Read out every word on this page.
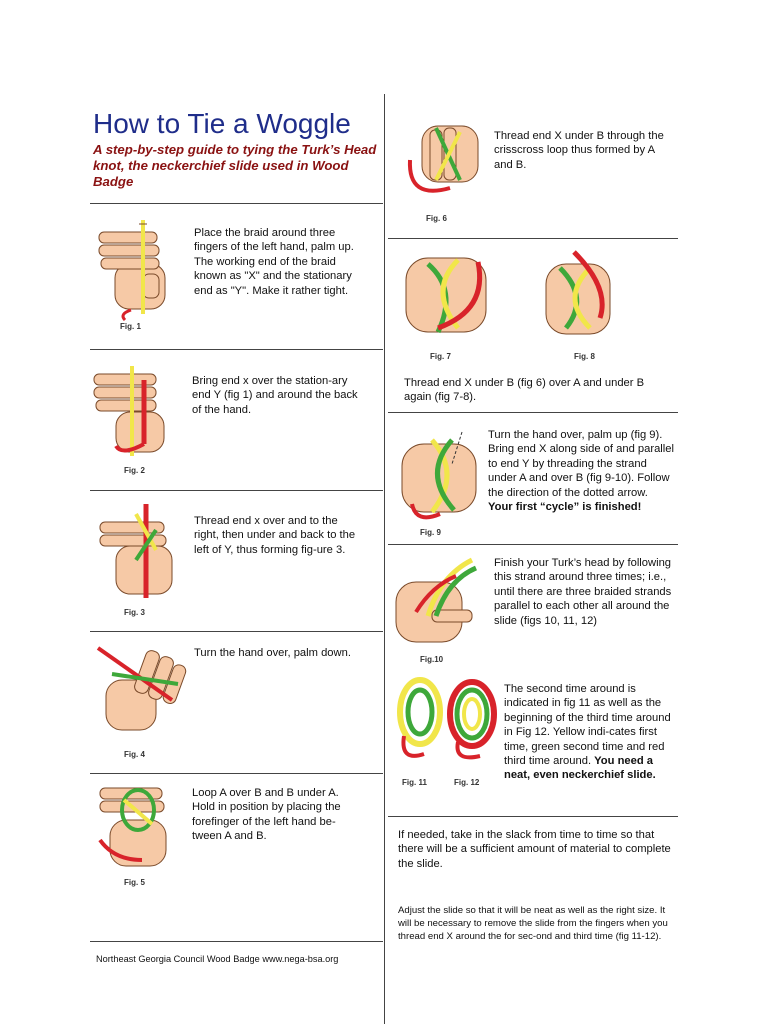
How to Tie a Woggle
A step-by-step guide to tying the Turk’s Head knot, the neckerchief slide used in Wood Badge
Fig. 1
Place the braid around three fingers of the left hand, palm up. The working end of the braid known as "X" and the stationary end as "Y". Make it rather tight.
Fig. 2
Bring end x over the station-ary end Y (fig 1) and around the back of the hand.
Fig. 3
Thread end x over and to the right, then under and back to the left of Y, thus forming fig-ure 3.
Fig. 4
Turn the hand over, palm down.
Fig. 5
Loop A over B and B under A. Hold in position by placing the forefinger of the left hand be-tween A and B.
Northeast Georgia Council Wood Badge www.nega-bsa.org
Fig. 6
Thread end X under B through the crisscross loop thus formed by A and B.
Fig. 7	Fig. 8
Thread end X under B (fig 6) over A and under B again (fig 7-8).
Fig. 9
Turn the hand over, palm up (fig 9). Bring end X along side of and parallel to end Y by threading the strand under A and over B (fig 9-10). Follow the direction of the dotted arrow. Your first “cycle” is finished!
Fig.10
Finish your Turk’s head by following this strand around three times; i.e., until there are three braided strands parallel to each other all around the slide (figs 10, 11, 12)
Fig. 11	Fig. 12
The second time around is indicated in fig 11 as well as the beginning of the third time around in Fig 12. Yellow indi-cates first time, green second time and red third time around. You need a neat, even neckerchief slide.
If needed, take in the slack from time to time so that there will be a sufficient amount of material to complete the slide.
Adjust the slide so that it will be neat as well as the right size. It will be necessary to remove the slide from the fingers when you thread end X around the for sec-ond and third time (fig 11-12).
